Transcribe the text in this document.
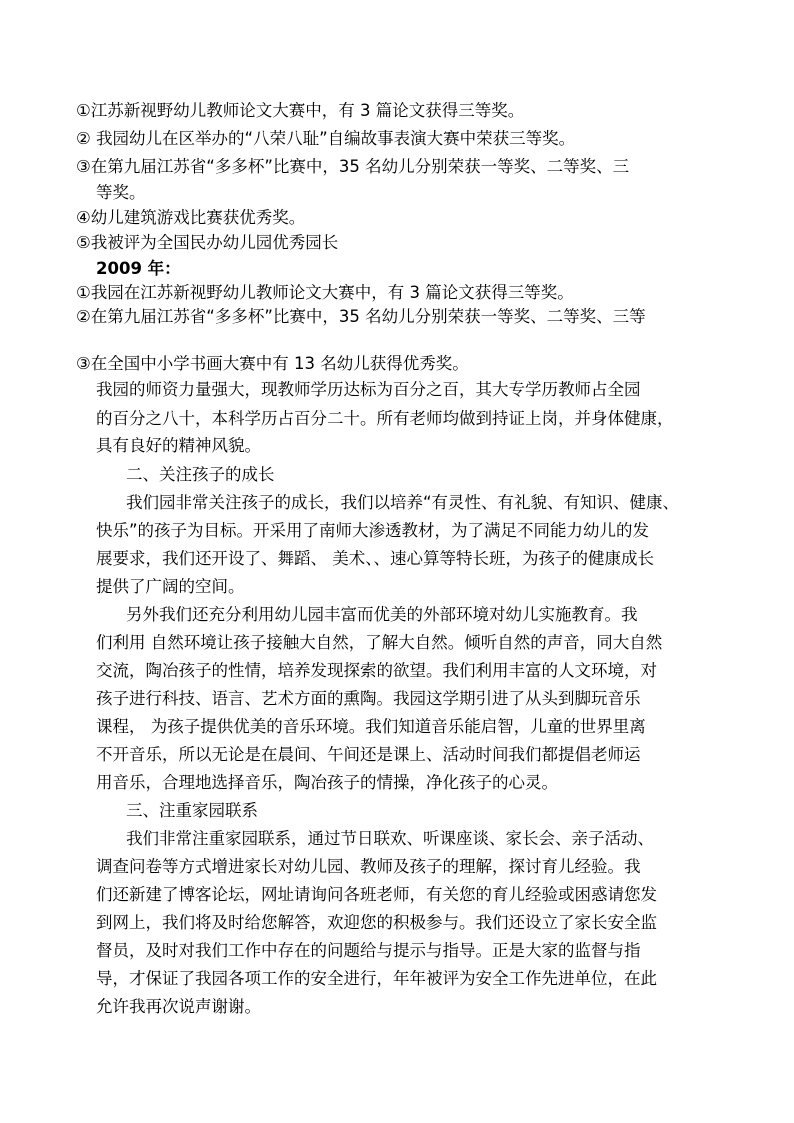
①江苏新视野幼儿教师论文大赛中，有 3 篇论文获得三等奖。
② 我园幼儿在区举办的“八荣八耻”自编故事表演大赛中荣获三等奖。
③在第九届江苏省“多多杯”比赛中，35 名幼儿分别荣获一等奖、二等奖、三
等奖。
④幼儿建筑游戏比赛获优秀奖。
⑤我被评为全国民办幼儿园优秀园长
2009 年：
①我园在江苏新视野幼儿教师论文大赛中，有 3 篇论文获得三等奖。
②在第九届江苏省“多多杯”比赛中，35 名幼儿分别荣获一等奖、二等奖、三等
③在全国中小学书画大赛中有 13 名幼儿获得优秀奖。
我园的师资力量强大，现教师学历达标为百分之百，其大专学历教师占全园
的百分之八十，本科学历占百分二十。所有老师均做到持证上岗，并身体健康，
具有良好的精神风貌。
二、关注孩子的成长
我们园非常关注孩子的成长，我们以培养“有灵性、有礼貌、有知识、健康、
快乐”的孩子为目标。开采用了南师大渗透教材，为了满足不同能力幼儿的发
展要求，我们还开设了、舞蹈、 美术、、速心算等特长班，为孩子的健康成长
提供了广阔的空间。
另外我们还充分利用幼儿园丰富而优美的外部环境对幼儿实施教育。我
们利用 自然环境让孩子接触大自然，了解大自然。倾听自然的声音，同大自然
交流，陶冶孩子的性情，培养发现探索的欲望。我们利用丰富的人文环境，对
孩子进行科技、语言、艺术方面的熏陶。我园这学期引进了从头到脚玩音乐
课程， 为孩子提供优美的音乐环境。我们知道音乐能启智，儿童的世界里离
不开音乐，所以无论是在晨间、午间还是课上、活动时间我们都提倡老师运
用音乐，合理地选择音乐，陶冶孩子的情操，净化孩子的心灵。
三、注重家园联系
我们非常注重家园联系，通过节日联欢、听课座谈、家长会、亲子活动、
调查问卷等方式增进家长对幼儿园、教师及孩子的理解，探讨育儿经验。我
们还新建了博客论坛，网址请询问各班老师，有关您的育儿经验或困惑请您发
到网上，我们将及时给您解答，欢迎您的积极参与。我们还设立了家长安全监
督员，及时对我们工作中存在的问题给与提示与指导。正是大家的监督与指
导，才保证了我园各项工作的安全进行，年年被评为安全工作先进单位，在此
允许我再次说声谢谢。
